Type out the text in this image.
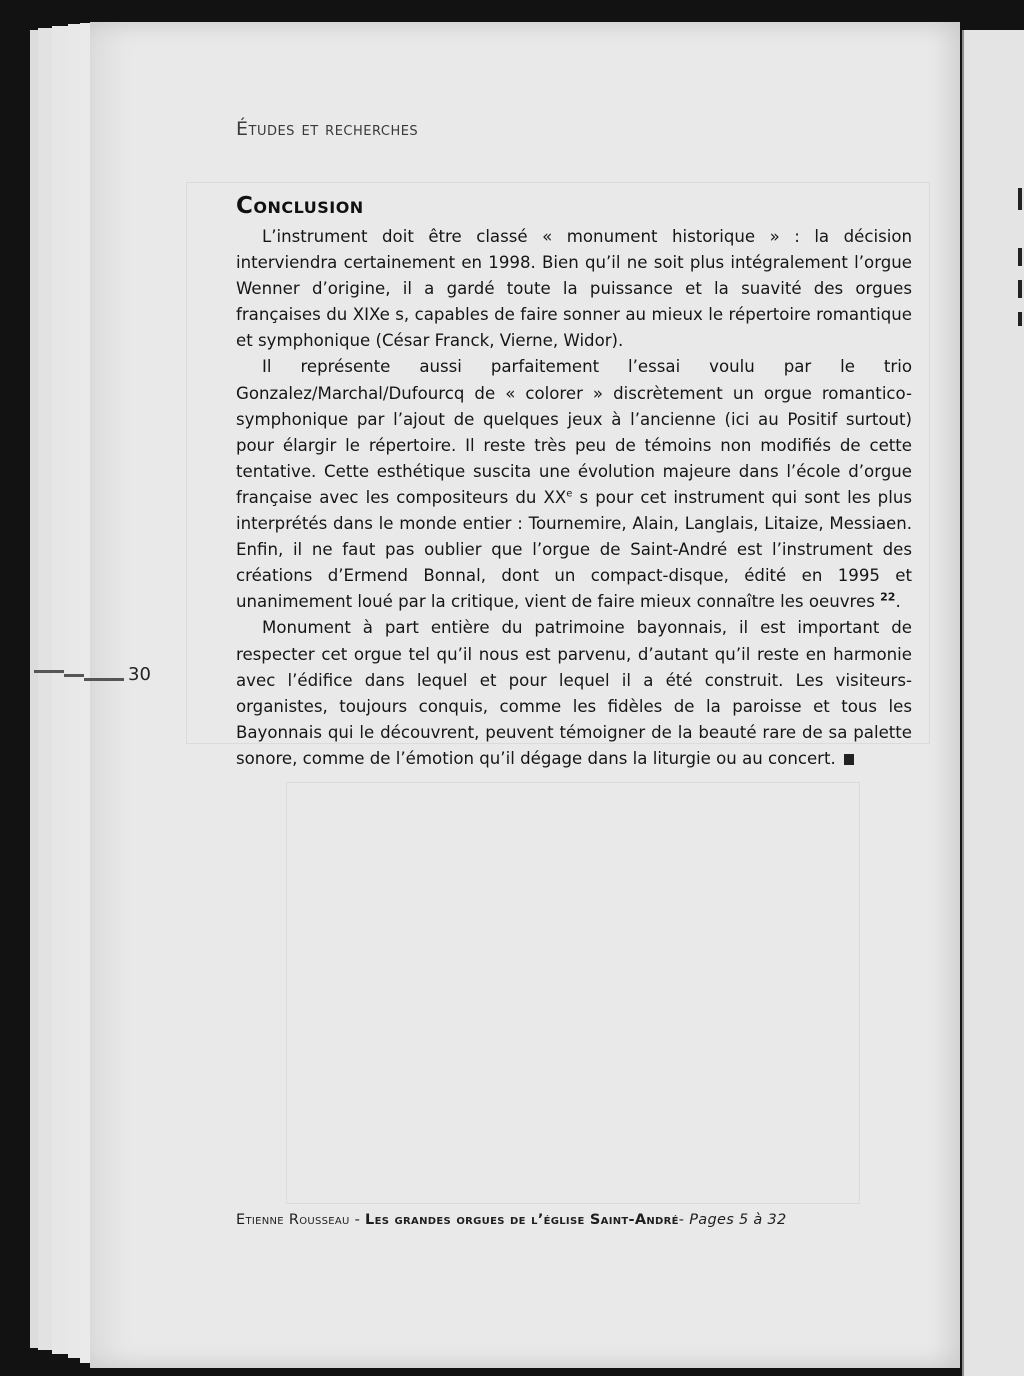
Études et recherches
Conclusion

L’instrument doit être classé « monument historique » : la décision interviendra certainement en 1998. Bien qu’il ne soit plus intégralement l’orgue Wenner d’origine, il a gardé toute la puissance et la suavité des orgues françaises du XIXe s, capables de faire sonner au mieux le répertoire romantique et symphonique (César Franck, Vierne, Widor).

Il représente aussi parfaitement l’essai voulu par le trio Gonzalez/Marchal/Dufourcq de « colorer » discrètement un orgue romantico-symphonique par l’ajout de quelques jeux à l’ancienne (ici au Positif surtout) pour élargir le répertoire. Il reste très peu de témoins non modifiés de cette tentative. Cette esthétique suscita une évolution majeure dans l’école d’orgue française avec les compositeurs du XXe s pour cet instrument qui sont les plus interprétés dans le monde entier : Tournemire, Alain, Langlais, Litaize, Messiaen. Enfin, il ne faut pas oublier que l’orgue de Saint-André est l’instrument des créations d’Ermend Bonnal, dont un compact-disque, édité en 1995 et unanimement loué par la critique, vient de faire mieux connaître les oeuvres $^{22}$.

Monument à part entière du patrimoine bayonnais, il est important de respecter cet orgue tel qu’il nous est parvenu, d’autant qu’il reste en harmonie avec l’édifice dans lequel et pour lequel il a été construit. Les visiteurs-organistes, toujours conquis, comme les fidèles de la paroisse et tous les Bayonnais qui le découvrent, peuvent témoigner de la beauté rare de sa palette sonore, comme de l’émotion qu’il dégage dans la liturgie ou au concert.

30
Etienne Rousseau - Les grandes orgues de l’église Saint-André- Pages 5 à 32
